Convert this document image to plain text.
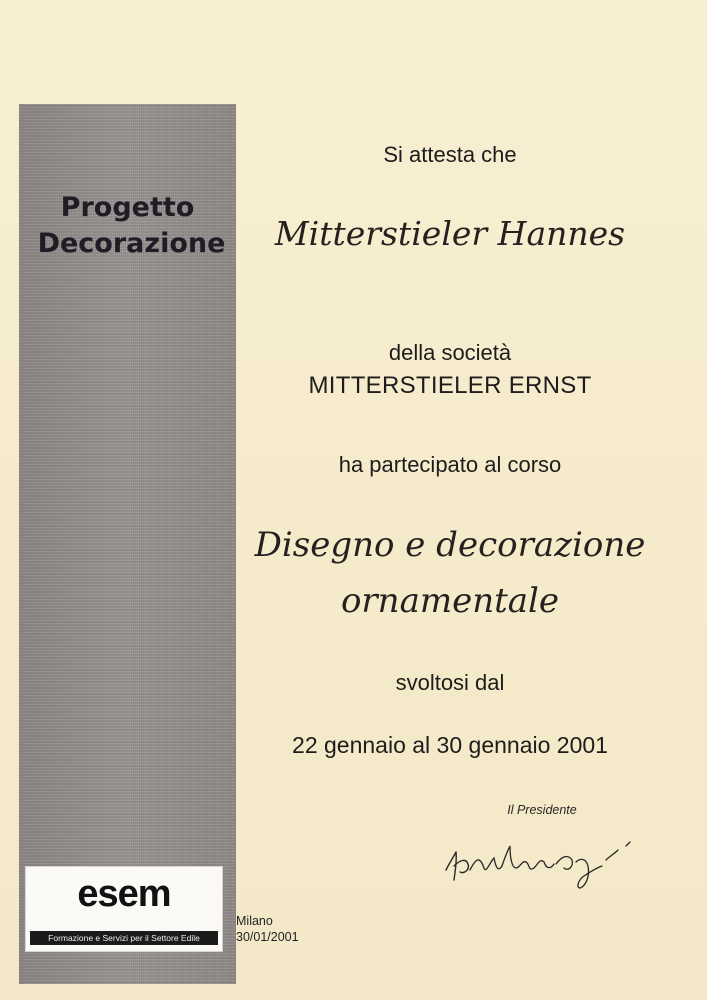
Progetto
Decorazione
esem
Formazione e Servizi per il Settore Edile
Milano
30/01/2001
Si attesta che
Mitterstieler Hannes
della società
MITTERSTIELER ERNST
ha partecipato al corso
Disegno e decorazione
ornamentale
svoltosi dal
22 gennaio al 30 gennaio 2001
Il Presidente
